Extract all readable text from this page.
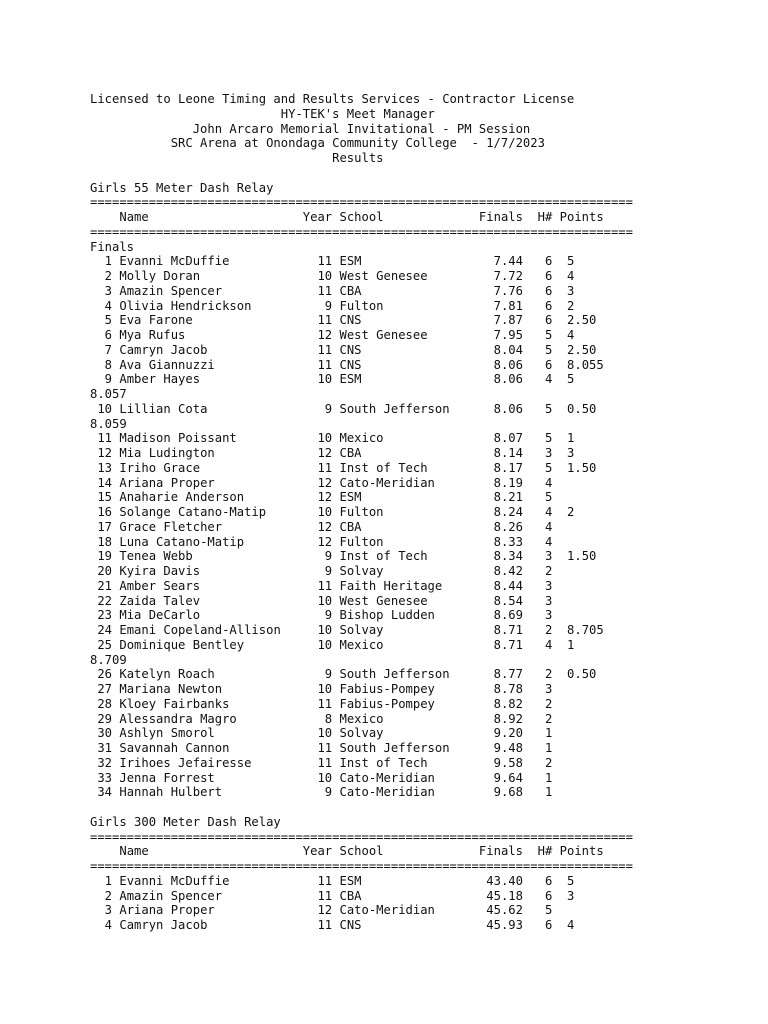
Licensed to Leone Timing and Results Services - Contractor License
HY-TEK's Meet Manager
John Arcaro Memorial Invitational - PM Session
SRC Arena at Onondaga Community College  - 1/7/2023
Results

Girls 55 Meter Dash Relay
==========================================================================
Name                     Year School             Finals  H# Points
==========================================================================
Finals
1 Evanni McDuffie            11 ESM                  7.44 6 5
2 Molly Doran                10 West Genesee         7.72 6 4
3 Amazin Spencer             11 CBA                  7.76 6 3
4 Olivia Hendrickson          9 Fulton               7.81 6 2
5 Eva Farone                 11 CNS                  7.87 6 2.50
6 Mya Rufus                  12 West Genesee         7.95 5 4
7 Camryn Jacob               11 CNS                  8.04 5 2.50
8 Ava Giannuzzi              11 CNS                  8.06 6 8.055
9 Amber Hayes                10 ESM                  8.06 4 5
8.057
10 Lillian Cota                9 South Jefferson      8.06 5 0.50
8.059
11 Madison Poissant           10 Mexico               8.07 5 1
12 Mia Ludington              12 CBA                  8.14 3 3
13 Iriho Grace                11 Inst of Tech         8.17 5 1.50
14 Ariana Proper              12 Cato-Meridian        8.19 4
15 Anaharie Anderson          12 ESM                  8.21 5
16 Solange Catano-Matip       10 Fulton               8.24 4 2
17 Grace Fletcher             12 CBA                  8.26 4
18 Luna Catano-Matip          12 Fulton               8.33 4
19 Tenea Webb                  9 Inst of Tech         8.34 3 1.50
20 Kyira Davis                 9 Solvay               8.42 2
21 Amber Sears                11 Faith Heritage       8.44 3
22 Zaida Talev                10 West Genesee         8.54 3
23 Mia DeCarlo                 9 Bishop Ludden        8.69 3
24 Emani Copeland-Allison     10 Solvay               8.71 2 8.705
25 Dominique Bentley          10 Mexico               8.71 4 1
8.709
26 Katelyn Roach               9 South Jefferson      8.77 2 0.50
27 Mariana Newton             10 Fabius-Pompey        8.78 3
28 Kloey Fairbanks            11 Fabius-Pompey        8.82 2
29 Alessandra Magro            8 Mexico               8.92 2
30 Ashlyn Smorol              10 Solvay               9.20 1
31 Savannah Cannon            11 South Jefferson      9.48 1
32 Irihoes Jefairesse         11 Inst of Tech         9.58 2
33 Jenna Forrest              10 Cato-Meridian        9.64 1
34 Hannah Hulbert              9 Cato-Meridian        9.68 1

Girls 300 Meter Dash Relay
==========================================================================
Name                     Year School             Finals  H# Points
==========================================================================
1 Evanni McDuffie            11 ESM                 43.40 6 5
2 Amazin Spencer             11 CBA                 45.18 6 3
3 Ariana Proper              12 Cato-Meridian       45.62 5
4 Camryn Jacob               11 CNS                 45.93 6 4
